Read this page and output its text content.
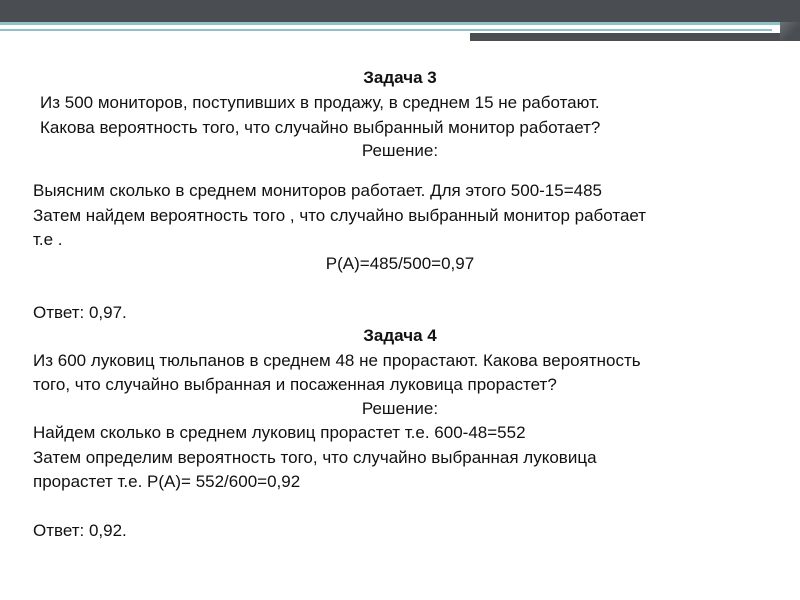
Задача 3
Из 500 мониторов, поступивших в продажу, в среднем 15 не работают.
Какова вероятность того, что случайно выбранный монитор работает?
Решение:
Выясним сколько в среднем мониторов работает. Для этого 500-15=485
Затем найдем вероятность того , что случайно выбранный монитор работает
т.е .
Р(А)=485/500=0,97
Ответ: 0,97.
Задача 4
Из 600 луковиц тюльпанов в среднем 48 не прорастают. Какова вероятность
того, что случайно выбранная и посаженная луковица прорастет?
Решение:
Найдем сколько в среднем луковиц прорастет т.е. 600-48=552
Затем определим вероятность того, что случайно выбранная луковица
прорастет т.е. Р(А)= 552/600=0,92
Ответ: 0,92.
